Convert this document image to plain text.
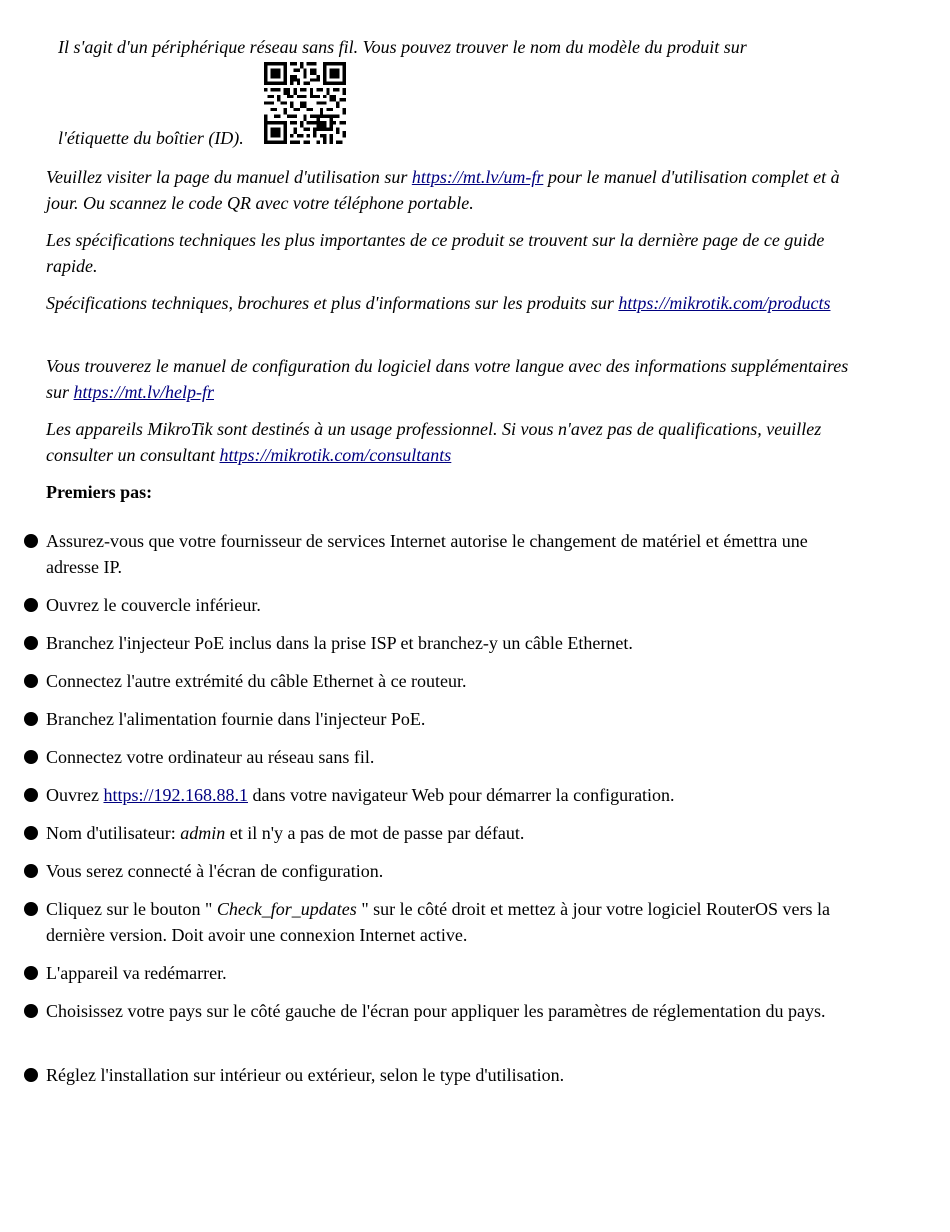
Il s'agit d'un périphérique réseau sans fil. Vous pouvez trouver le nom du modèle du produit sur
l'étiquette du boîtier (ID).
Veuillez visiter la page du manuel d'utilisation sur https://mt.lv/um-fr pour le manuel d'utilisation complet et à jour. Ou scannez le code QR avec votre téléphone portable.
Les spécifications techniques les plus importantes de ce produit se trouvent sur la dernière page de ce guide rapide.
Spécifications techniques, brochures et plus d'informations sur les produits sur https://mikrotik.com/products
Vous trouverez le manuel de configuration du logiciel dans votre langue avec des informations supplémentaires sur https://mt.lv/help-fr
Les appareils MikroTik sont destinés à un usage professionnel. Si vous n'avez pas de qualifications, veuillez consulter un consultant https://mikrotik.com/consultants
Premiers pas:
Assurez-vous que votre fournisseur de services Internet autorise le changement de matériel et émettra une adresse IP.
Ouvrez le couvercle inférieur.
Branchez l'injecteur PoE inclus dans la prise ISP et branchez-y un câble Ethernet.
Connectez l'autre extrémité du câble Ethernet à ce routeur.
Branchez l'alimentation fournie dans l'injecteur PoE.
Connectez votre ordinateur au réseau sans fil.
Ouvrez https://192.168.88.1 dans votre navigateur Web pour démarrer la configuration.
Nom d'utilisateur: admin et il n'y a pas de mot de passe par défaut.
Vous serez connecté à l'écran de configuration.
Cliquez sur le bouton " Check_for_updates " sur le côté droit et mettez à jour votre logiciel RouterOS vers la dernière version. Doit avoir une connexion Internet active.
L'appareil va redémarrer.
Choisissez votre pays sur le côté gauche de l'écran pour appliquer les paramètres de réglementation du pays.
Réglez l'installation sur intérieur ou extérieur, selon le type d'utilisation.
